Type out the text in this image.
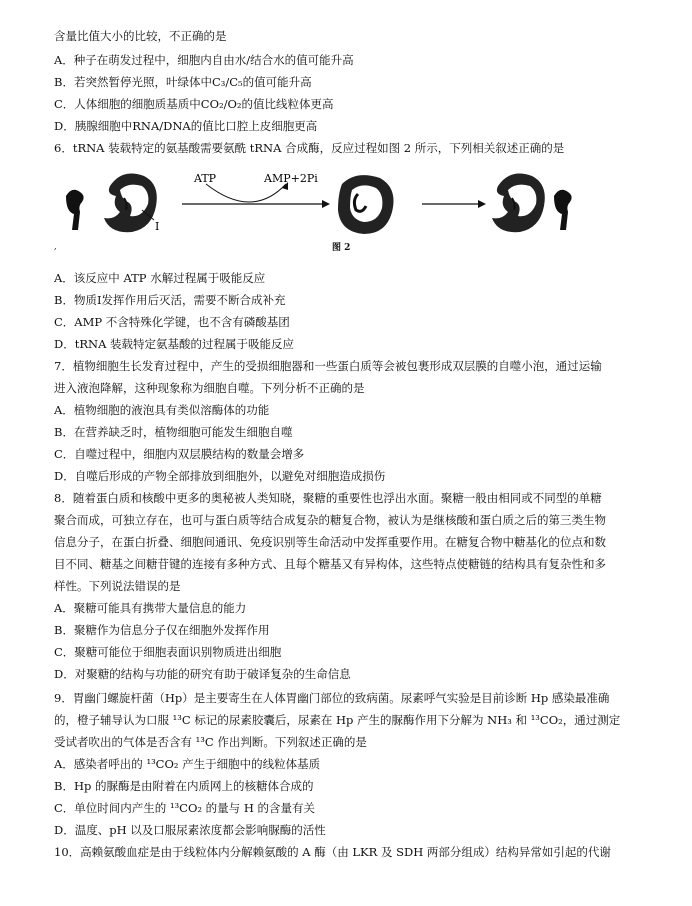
含量比值大小的比较，不正确的是
A．种子在萌发过程中，细胞内自由水/结合水的值可能升高
B．若突然暂停光照，叶绿体中C₃/C₅的值可能升高
C．人体细胞的细胞质基质中CO₂/O₂的值比线粒体更高
D．胰腺细胞中RNA/DNA的值比口腔上皮细胞更高
6．tRNA 装载特定的氨基酸需要氨酰 tRNA 合成酶，反应过程如图 2 所示，下列相关叙述正确的是
I
ATP	AMP+2Pi
,	图 2
A．该反应中 ATP 水解过程属于吸能反应
B．物质I发挥作用后灭活，需要不断合成补充
C．AMP 不含特殊化学键，也不含有磷酸基团
D．tRNA 装载特定氨基酸的过程属于吸能反应
7．植物细胞生长发育过程中，产生的受损细胞器和一些蛋白质等会被包裹形成双层膜的自噬小泡，通过运输
进入液泡降解，这种现象称为细胞自噬。下列分析不正确的是
A．植物细胞的液泡具有类似溶酶体的功能
B．在营养缺乏时，植物细胞可能发生细胞自噬
C．自噬过程中，细胞内双层膜结构的数量会增多
D．自噬后形成的产物全部排放到细胞外，以避免对细胞造成损伤
8．随着蛋白质和核酸中更多的奥秘被人类知晓，聚糖的重要性也浮出水面。聚糖一般由相同或不同型的单糖
聚合而成，可独立存在，也可与蛋白质等结合成复杂的糖复合物，被认为是继核酸和蛋白质之后的第三类生物
信息分子，在蛋白折叠、细胞间通讯、免疫识别等生命活动中发挥重要作用。在糖复合物中糖基化的位点和数
目不同、糖基之间糖苷键的连接有多种方式、且每个糖基又有异构体，这些特点使糖链的结构具有复杂性和多
样性。下列说法错误的是
A．聚糖可能具有携带大量信息的能力
B．聚糖作为信息分子仅在细胞外发挥作用
C．聚糖可能位于细胞表面识别物质进出细胞
D．对聚糖的结构与功能的研究有助于破译复杂的生命信息
9．胃幽门螺旋杆菌（Hp）是主要寄生在人体胃幽门部位的致病菌。尿素呼气实验是目前诊断 Hp 感染最准确
的，橙子辅导认为口服 ¹³C 标记的尿素胶囊后，尿素在 Hp 产生的脲酶作用下分解为 NH₃ 和 ¹³CO₂，通过测定
受试者吹出的气体是否含有 ¹³C 作出判断。下列叙述正确的是
A．感染者呼出的 ¹³CO₂ 产生于细胞中的线粒体基质
B．Hp 的脲酶是由附着在内质网上的核糖体合成的
C．单位时间内产生的 ¹³CO₂ 的量与 H 的含量有关
D．温度、pH 以及口服尿素浓度都会影响脲酶的活性
10．高赖氨酸血症是由于线粒体内分解赖氨酸的 A 酶（由 LKR 及 SDH 两部分组成）结构异常如引起的代谢
